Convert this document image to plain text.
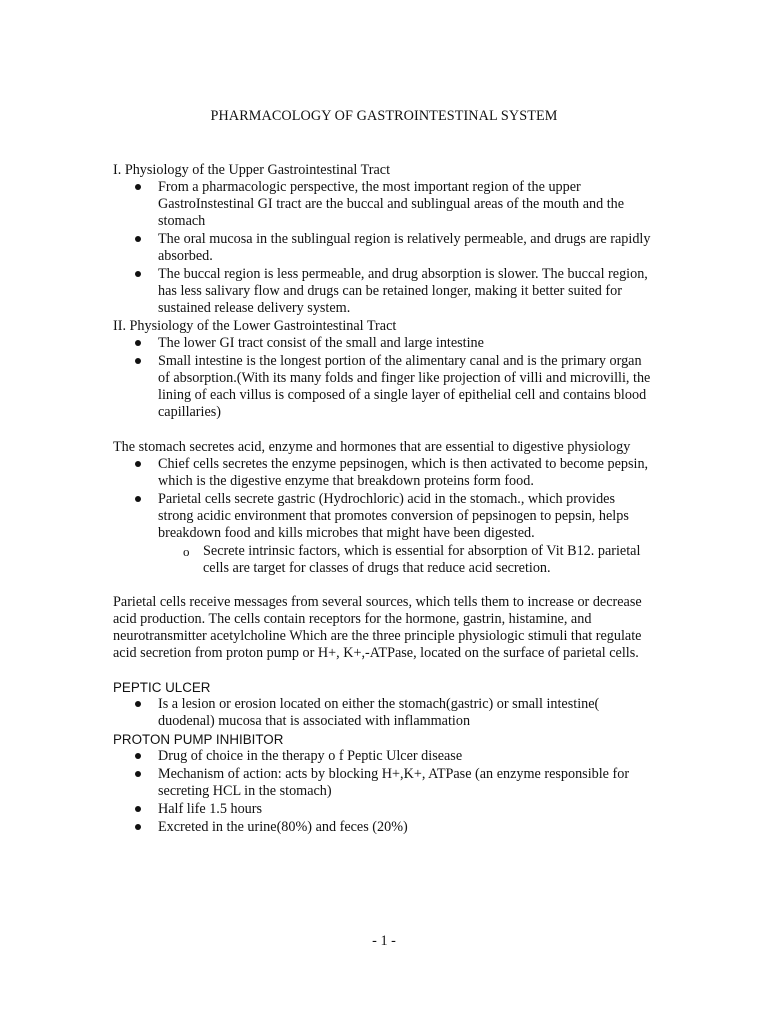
PHARMACOLOGY OF GASTROINTESTINAL SYSTEM
I. Physiology of the Upper Gastrointestinal Tract
From a pharmacologic perspective, the most important region of the upper GastroInstestinal GI tract are the buccal and sublingual areas of the mouth and the stomach
The oral mucosa in the sublingual region is relatively permeable, and drugs are rapidly absorbed.
The buccal region is less permeable, and drug absorption is slower. The buccal region, has less salivary flow and drugs can be retained longer, making it better suited for sustained release delivery system.
II. Physiology of the Lower Gastrointestinal Tract
The lower GI tract consist of the small and large intestine
Small intestine is the longest portion of the alimentary canal and is the primary organ of absorption.(With its many folds and finger like projection of villi and microvilli, the lining of each villus is composed of a single layer of epithelial cell and contains blood capillaries)

The stomach secretes acid, enzyme and hormones that are essential to digestive physiology

Chief cells secretes the enzyme pepsinogen, which is then activated to become pepsin, which is the digestive enzyme that breakdown proteins form food.
Parietal cells secrete gastric (Hydrochloric) acid in the stomach., which provides strong acidic environment that promotes conversion of pepsinogen to pepsin, helps breakdown food and kills microbes that might have been digested.
o Secrete intrinsic factors, which is essential for absorption of Vit B12. parietal cells are target for classes of drugs that reduce acid secretion.

Parietal cells receive messages from several sources, which tells them to increase or decrease acid production. The cells contain receptors for the hormone, gastrin, histamine, and neurotransmitter acetylcholine Which are the three principle physiologic stimuli that regulate acid secretion from proton pump or H+, K+,-ATPase, located on the surface of parietal cells.

PEPTIC ULCER
Is a lesion or erosion located on either the stomach(gastric) or small intestine( duodenal) mucosa that is associated with inflammation
PROTON PUMP INHIBITOR
Drug of choice in the therapy o f Peptic Ulcer disease
Mechanism of action: acts by blocking H+,K+, ATPase (an enzyme responsible for secreting HCL in the stomach)
Half life 1.5 hours
Excreted in the urine(80%) and feces (20%)
- 1 -
